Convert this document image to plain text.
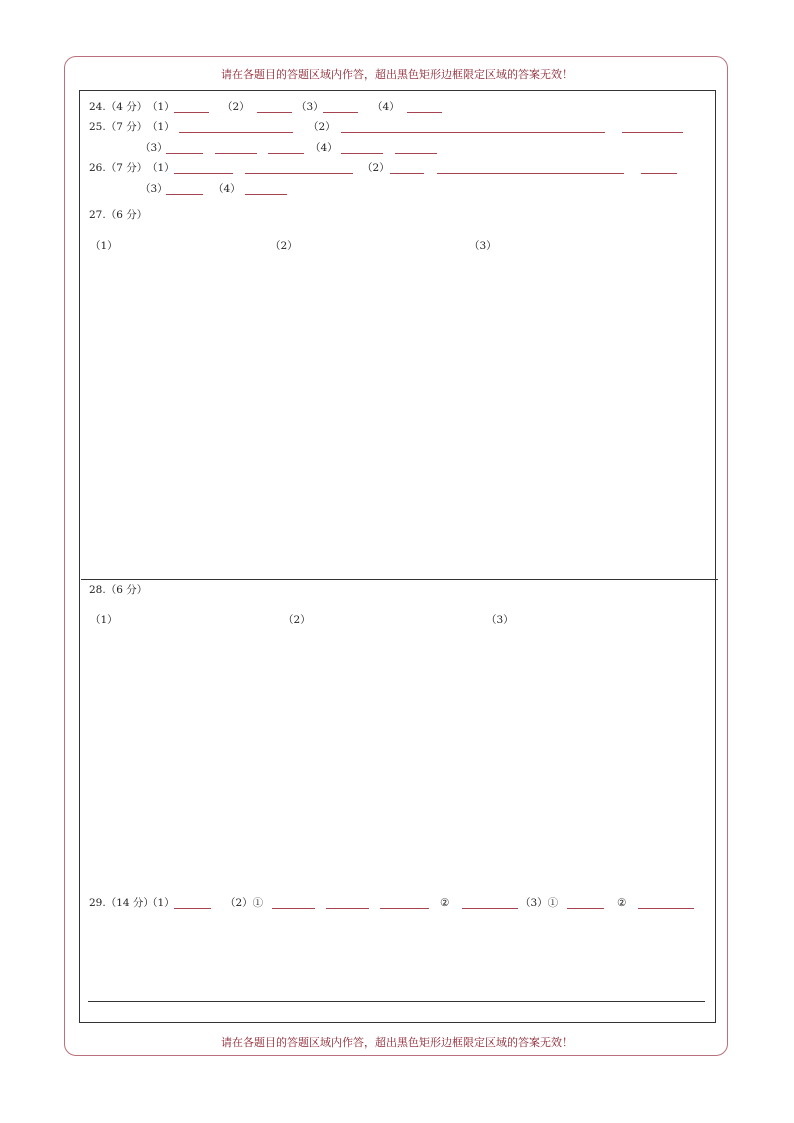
请在各题目的答题区域内作答，超出黑色矩形边框限定区域的答案无效！
24.（4 分） （1）	（2）	（3）	（4）
25.（7 分） （1）	（2）
（3）	（4）
26.（7 分） （1）	（2）
（3）	（4）
27.（6 分）
（1）	（2）	（3）
28.（6 分）
（1）	（2）	（3）
29.（14 分）
（1）	（2）①	②	（3）①	②
请在各题目的答题区域内作答，超出黑色矩形边框限定区域的答案无效！
